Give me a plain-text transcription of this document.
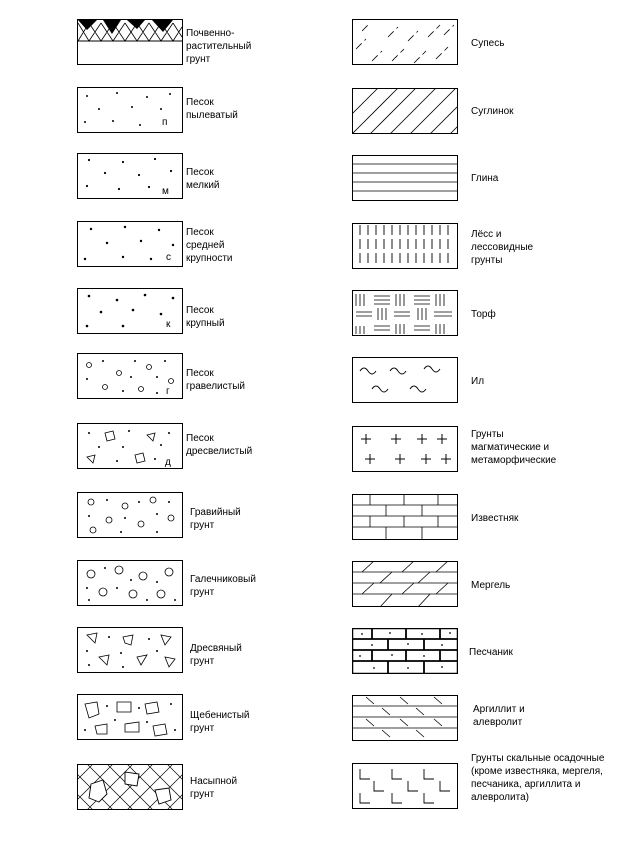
Почвенно-
растительный
грунт
п
Песок
пылеватый
м
Песок
мелкий
с
Песок
средней
крупности
к
Песок
крупный
г
Песок
гравелистый
д
Песок
дресвелистый
Гравийный
грунт
Галечниковый
грунт
Дресвяный
грунт
Щебенистый
грунт
Насыпной
грунт
Супесь
Суглинок
Глина
Лёсс и
лессовидные
грунты
Торф
Ил
Грунты
магматические и
метаморфические
Известняк
Мергель
Песчаник
Аргиллит и
алевролит
Грунты скальные осадочные
(кроме известняка, мергеля,
песчаника, аргиллита и
алевролита)
